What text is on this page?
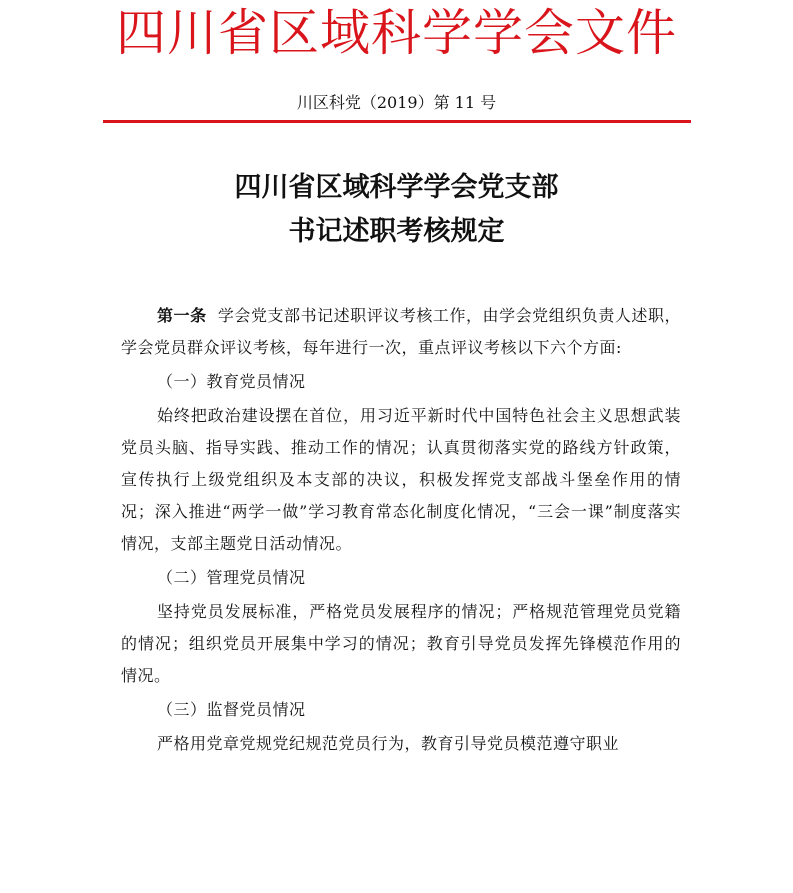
四川省区域科学学会文件

川区科党（2019）第 11 号

四川省区域科学学会党支部
书记述职考核规定

第一条 学会党支部书记述职评议考核工作，由学会党组织负责人述职，学会党员群众评议考核，每年进行一次，重点评议考核以下六个方面:

（一）教育党员情况

始终把政治建设摆在首位，用习近平新时代中国特色社会主义思想武装党员头脑、指导实践、推动工作的情况；认真贯彻落实党的路线方针政策，宣传执行上级党组织及本支部的决议，积极发挥党支部战斗堡垒作用的情况；深入推进“两学一做”学习教育常态化制度化情况，“三会一课”制度落实情况，支部主题党日活动情况。

（二）管理党员情况

坚持党员发展标准，严格党员发展程序的情况；严格规范管理党员党籍的情况；组织党员开展集中学习的情况；教育引导党员发挥先锋模范作用的情况。

（三）监督党员情况

严格用党章党规党纪规范党员行为，教育引导党员模范遵守职业
